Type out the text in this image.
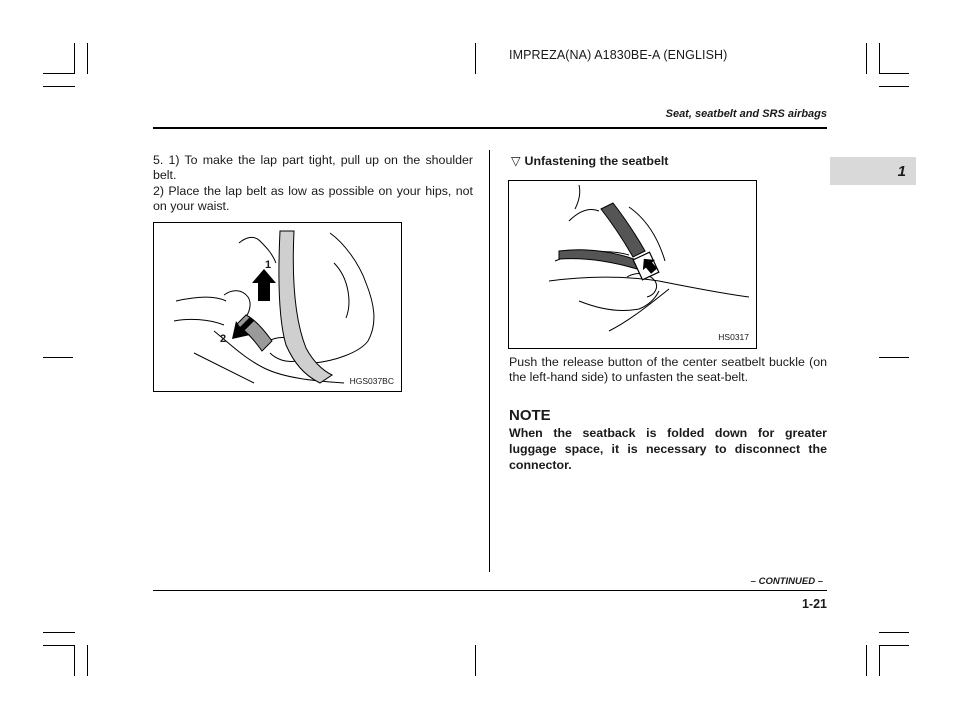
IMPREZA(NA) A1830BE-A (ENGLISH)
Seat, seatbelt and SRS airbags
1
5. 1) To make the lap part tight, pull up on the shoulder belt.
2) Place the lap belt as low as possible on your hips, not on your waist.
1
2
HGS037BC
▽ Unfastening the seatbelt
HS0317
Push the release button of the center seatbelt buckle (on the left-hand side) to unfasten the seat-belt.
NOTE
When the seatback is folded down for greater luggage space, it is necessary to disconnect the connector.
– CONTINUED –
1-21
